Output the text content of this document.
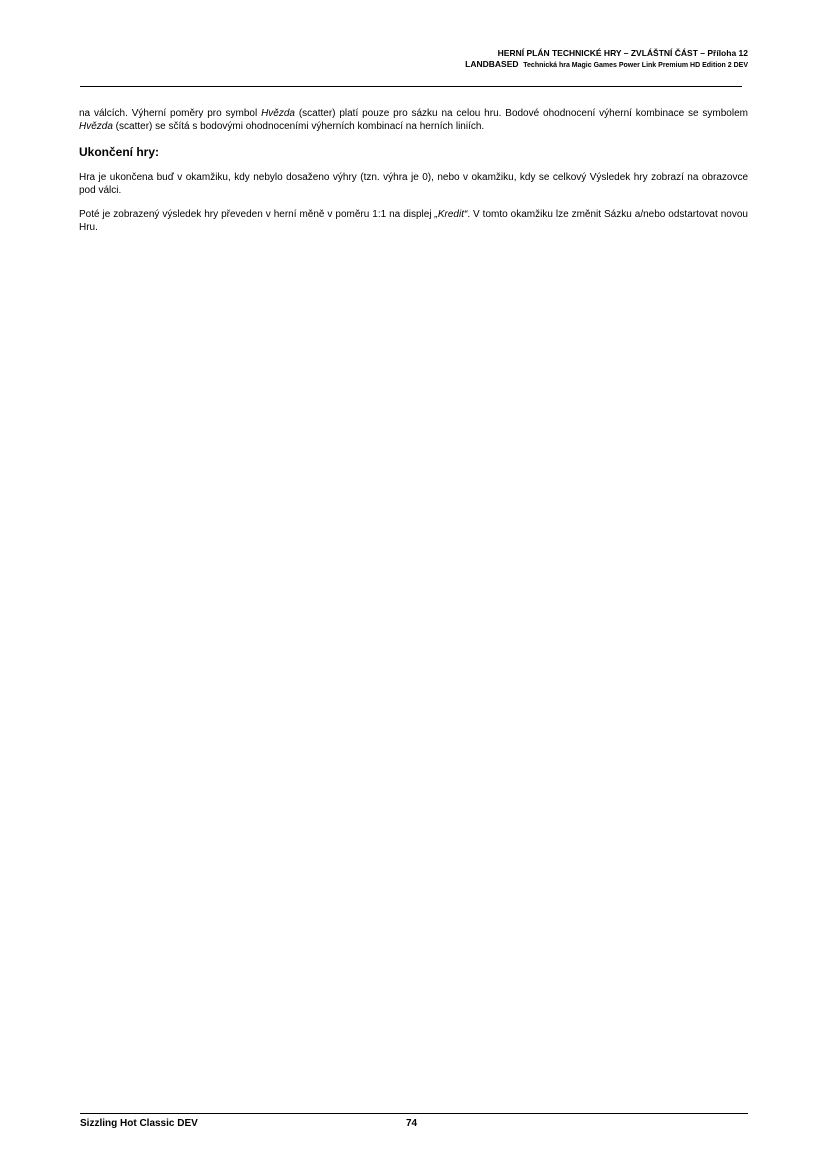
HERNÍ PLÁN TECHNICKÉ HRY – ZVLÁŠTNÍ ČÁST – Příloha 12
LANDBASED Technická hra Magic Games Power Link Premium HD Edition 2 DEV

na válcích. Výherní poměry pro symbol Hvězda (scatter) platí pouze pro sázku na celou hru. Bodové ohodnocení výherní kombinace se symbolem Hvězda (scatter) se sčítá s bodovými ohodnoceními výherních kombinací na herních liniích.

Ukončení hry:

Hra je ukončena buď v okamžiku, kdy nebylo dosaženo výhry (tzn. výhra je 0), nebo v okamžiku, kdy se celkový Výsledek hry zobrazí na obrazovce pod válci.

Poté je zobrazený výsledek hry převeden v herní měně v poměru 1:1 na displej „Kredit“. V tomto okamžiku lze změnit Sázku a/nebo odstartovat novou Hru.

Sizzling Hot Classic DEV	74
